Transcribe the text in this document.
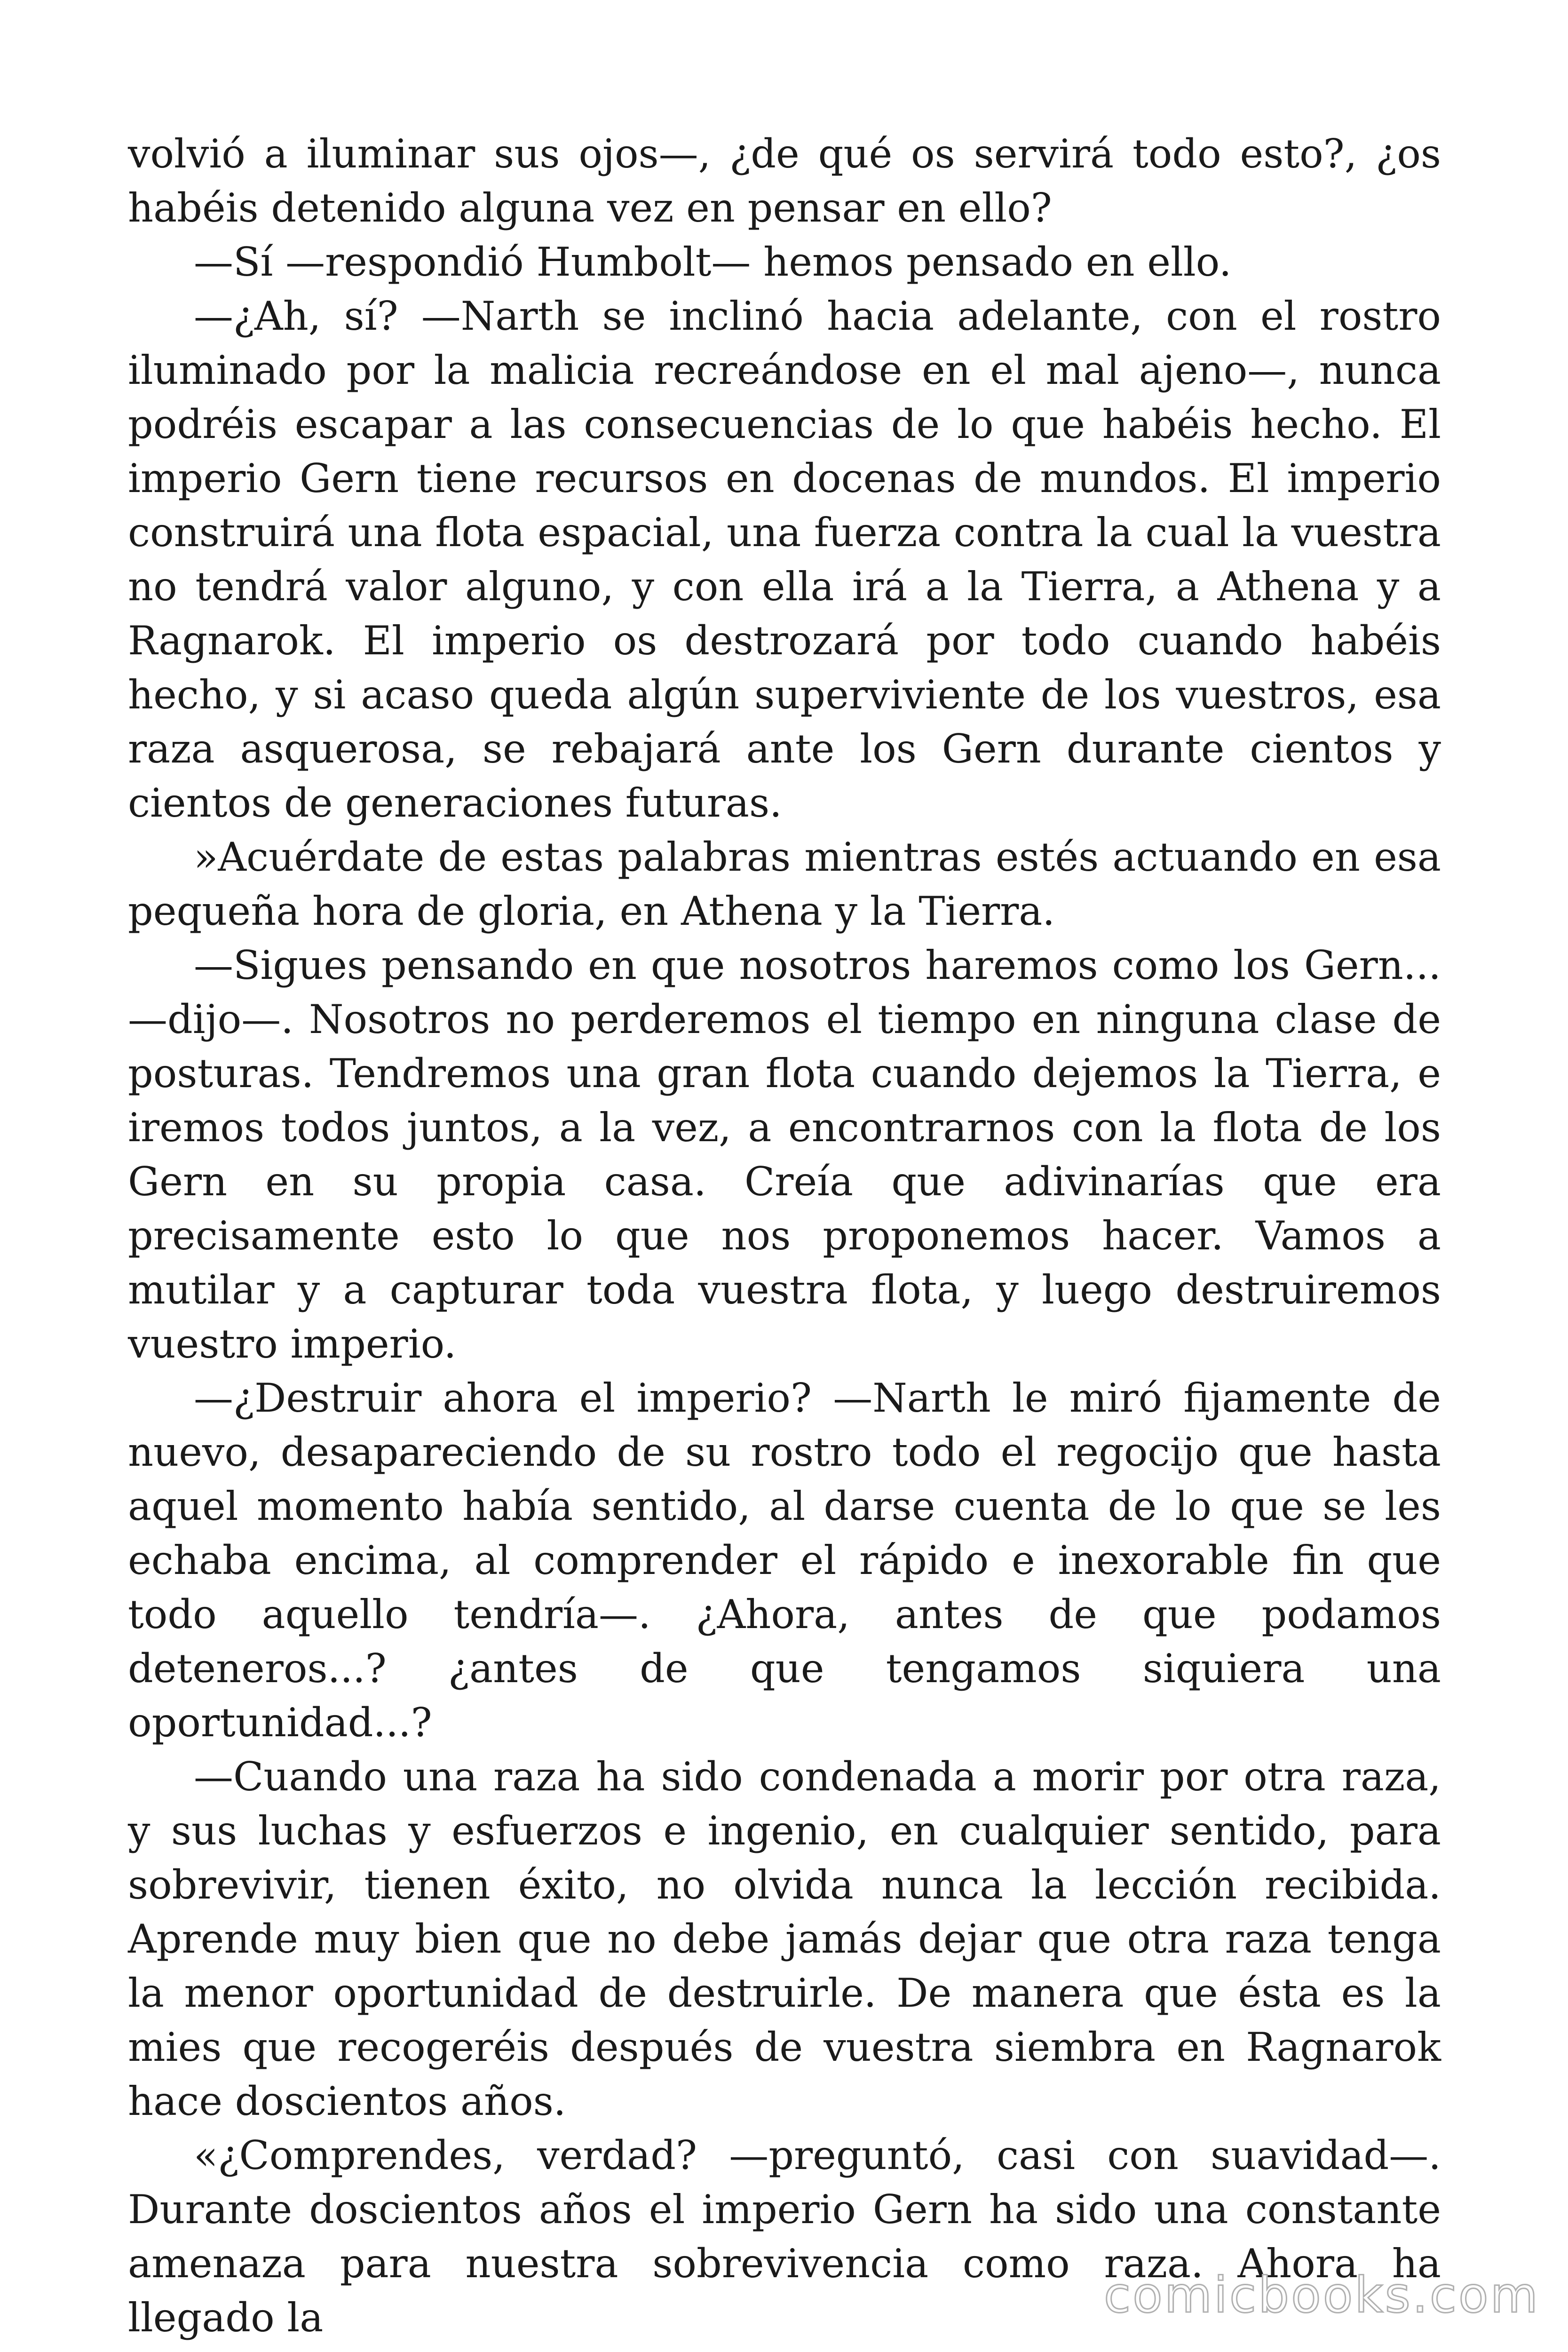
volvió a iluminar sus ojos—, ¿de qué os servirá todo esto?, ¿os habéis detenido alguna vez en pensar en ello?

—Sí —respondió Humbolt— hemos pensado en ello.

—¿Ah, sí? —Narth se inclinó hacia adelante, con el rostro iluminado por la malicia recreándose en el mal ajeno—, nunca podréis escapar a las consecuencias de lo que habéis hecho. El imperio Gern tiene recursos en docenas de mundos. El imperio construirá una flota espacial, una fuerza contra la cual la vuestra no tendrá valor alguno, y con ella irá a la Tierra, a Athena y a Ragnarok. El imperio os destrozará por todo cuando habéis hecho, y si acaso queda algún superviviente de los vuestros, esa raza asquerosa, se rebajará ante los Gern durante cientos y cientos de generaciones futuras.

»Acuérdate de estas palabras mientras estés actuando en esa pequeña hora de gloria, en Athena y la Tierra.

—Sigues pensando en que nosotros haremos como los Gern... —dijo—. Nosotros no perderemos el tiempo en ninguna clase de posturas. Tendremos una gran flota cuando dejemos la Tierra, e iremos todos juntos, a la vez, a encontrarnos con la flota de los Gern en su propia casa. Creía que adivinarías que era precisamente esto lo que nos proponemos hacer. Vamos a mutilar y a capturar toda vuestra flota, y luego destruiremos vuestro imperio.

—¿Destruir ahora el imperio? —Narth le miró fijamente de nuevo, desapareciendo de su rostro todo el regocijo que hasta aquel momento había sentido, al darse cuenta de lo que se les echaba encima, al comprender el rápido e inexorable fin que todo aquello tendría—. ¿Ahora, antes de que podamos deteneros...? ¿antes de que tengamos siquiera una oportunidad...?

—Cuando una raza ha sido condenada a morir por otra raza, y sus luchas y esfuerzos e ingenio, en cualquier sentido, para sobrevivir, tienen éxito, no olvida nunca la lección recibida. Aprende muy bien que no debe jamás dejar que otra raza tenga la menor oportunidad de destruirle. De manera que ésta es la mies que recogeréis después de vuestra siembra en Ragnarok hace doscientos años.

«¿Comprendes, verdad? —preguntó, casi con suavidad—. Durante doscientos años el imperio Gern ha sido una constante amenaza para nuestra sobrevivencia como raza. Ahora ha llegado la	comicbooks.com
